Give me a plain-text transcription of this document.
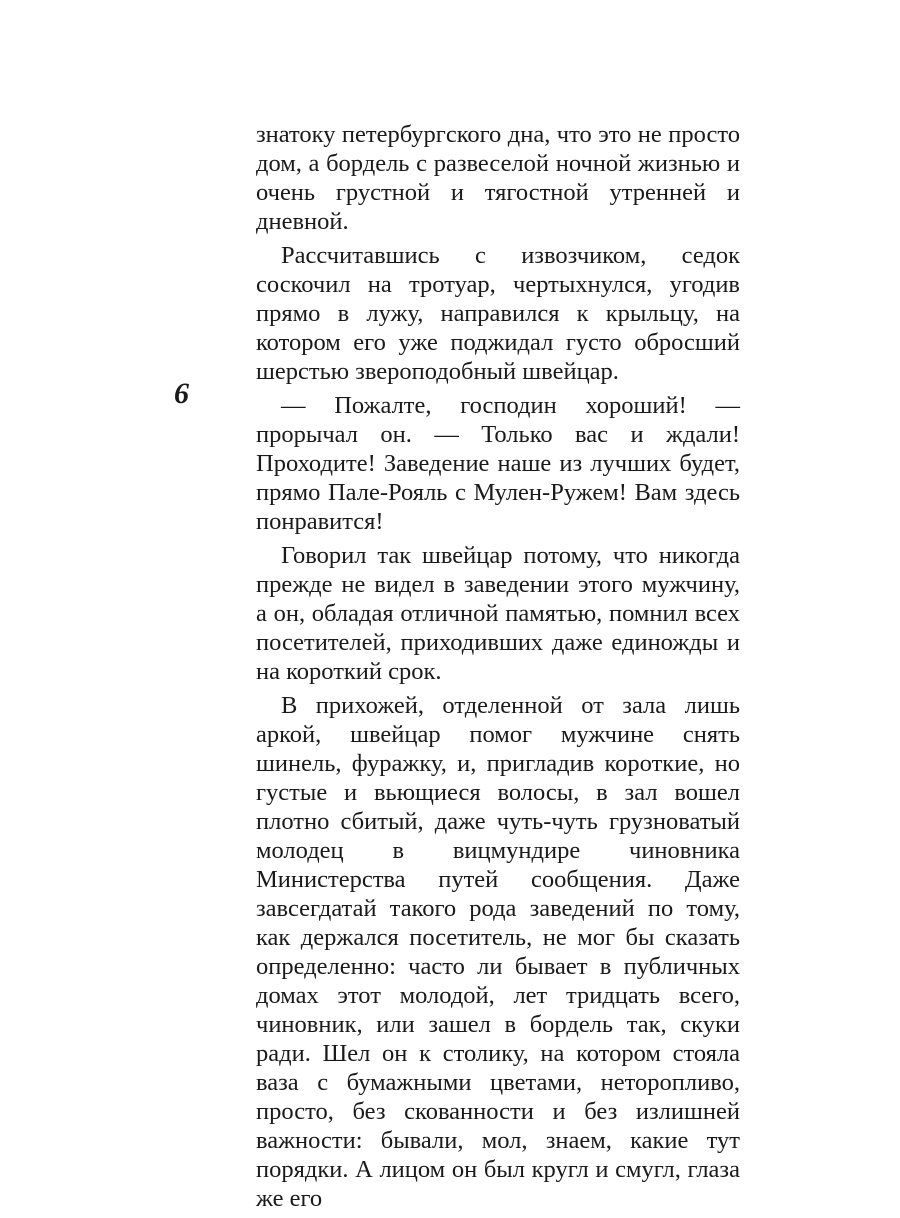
6

знатоку петербургского дна, что это не просто дом, а бордель с развеселой ночной жизнью и очень грустной и тягостной утренней и дневной.

Рассчитавшись с извозчиком, седок соскочил на тротуар, чертыхнулся, угодив прямо в лужу, направился к крыльцу, на котором его уже поджидал густо обросший шерстью звероподобный швейцар.

— Пожалте, господин хороший! — прорычал он. — Только вас и ждали! Проходите! Заведение наше из лучших будет, прямо Пале-Рояль с Мулен-Ружем! Вам здесь понравится!

Говорил так швейцар потому, что никогда прежде не видел в заведении этого мужчину, а он, обладая отличной памятью, помнил всех посетителей, приходивших даже единожды и на короткий срок.

В прихожей, отделенной от зала лишь аркой, швейцар помог мужчине снять шинель, фуражку, и, пригладив короткие, но густые и вьющиеся волосы, в зал вошел плотно сбитый, даже чуть-чуть грузноватый молодец в вицмундире чиновника Министерства путей сообщения. Даже завсегдатай такого рода заведений по тому, как держался посетитель, не мог бы сказать определенно: часто ли бывает в публичных домах этот молодой, лет тридцать всего, чиновник, или зашел в бордель так, скуки ради. Шел он к столику, на котором стояла ваза с бумажными цветами, неторопливо, просто, без скованности и без излишней важности: бывали, мол, знаем, какие тут порядки. А лицом он был кругл и смугл, глаза же его
